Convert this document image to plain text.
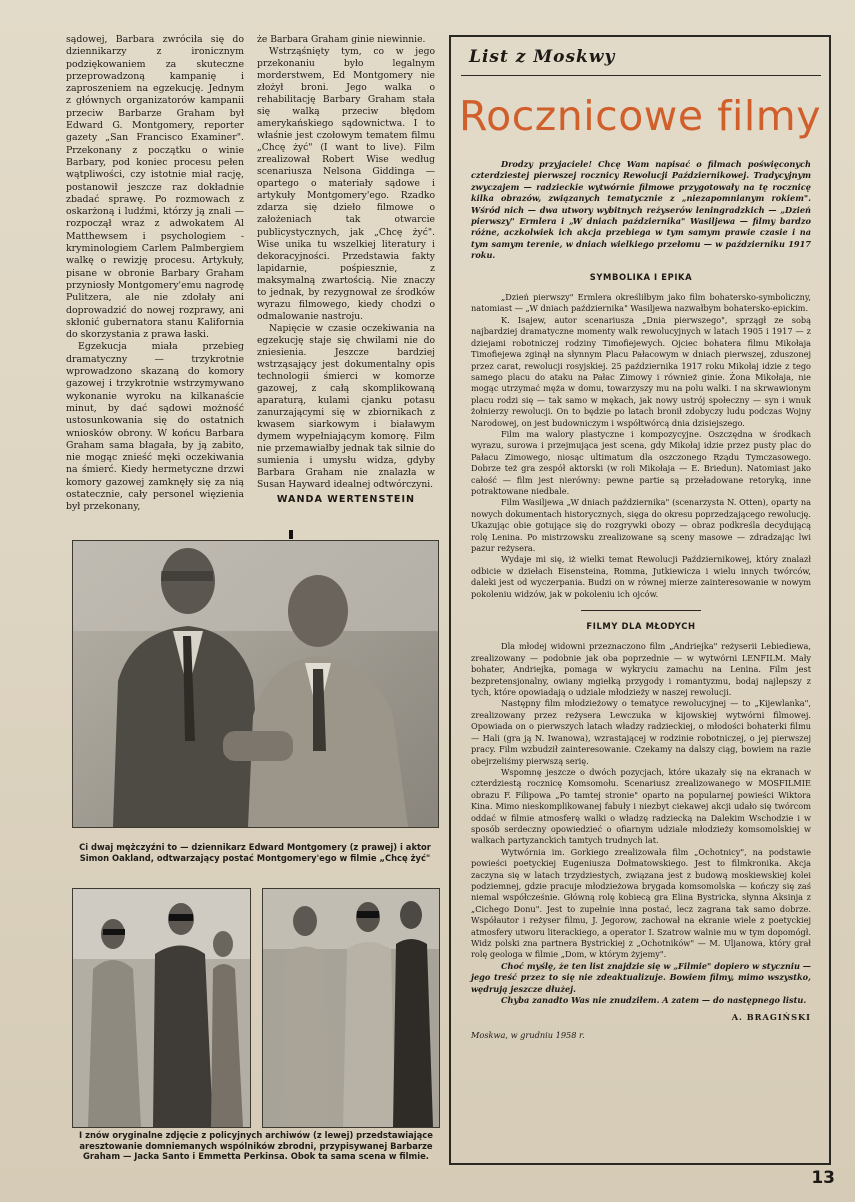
sądowej, Barbara zwróciła się do dziennikarzy z ironicznym podziękowaniem za skuteczne przeprowadzoną kampanię i zaproszeniem na egzekucję. Jednym z głównych organizatorów kampanii przeciw Barbarze Graham był Edward G. Montgomery, reporter gazety „San Francisco Examiner". Przekonany z początku o winie Barbary, pod koniec procesu pełen wątpliwości, czy istotnie miał rację, postanowił jeszcze raz dokładnie zbadać sprawę. Po rozmowach z oskarżoną i ludźmi, którzy ją znali — rozpoczął wraz z adwokatem Al Matthewsem i psychologiem - kryminologiem Carlem Palmbergiem walkę o rewizję procesu. Artykuły, pisane w obronie Barbary Graham przyniosły Montgomery'emu nagrodę Pulitzera, ale nie zdołały ani doprowadzić do nowej rozprawy, ani skłonić gubernatora stanu Kalifornia do skorzystania z prawa łaski.

Egzekucja miała przebieg dramatyczny — trzykrotnie wprowadzono skazaną do komory gazowej i trzykrotnie wstrzymywano wykonanie wyroku na kilkanaście minut, by dać sądowi możność ustosunkowania się do ostatnich wniosków obrony. W końcu Barbara Graham sama błagała, by ją zabito, nie mogąc znieść męki oczekiwania na śmierć. Kiedy hermetyczne drzwi komory gazowej zamknęły się za nią ostatecznie, cały personel więzienia był przekonany,

że Barbara Graham ginie niewinnie.

Wstrząśnięty tym, co w jego przekonaniu było legalnym morderstwem, Ed Montgomery nie złożył broni. Jego walka o rehabilitację Barbary Graham stała się walką przeciw błędom amerykańskiego sądownictwa. I to właśnie jest czołowym tematem filmu „Chcę żyć" (I want to live). Film zrealizował Robert Wise według scenariusza Nelsona Giddinga — opartego o materiały sądowe i artykuły Montgomery'ego. Rzadko zdarza się dzieło filmowe o założeniach tak otwarcie publicystycznych, jak „Chcę żyć". Wise unika tu wszelkiej literatury i dekoracyjności. Przedstawia fakty lapidarnie, pośpiesznie, z maksymalną zwartością. Nie znaczy to jednak, by rezygnował ze środków wyrazu filmowego, kiedy chodzi o odmalowanie nastroju.

Napięcie w czasie oczekiwania na egzekucję staje się chwilami nie do zniesienia. Jeszcze bardziej wstrząsający jest dokumentalny opis technologii śmierci w komorze gazowej, z całą skomplikowaną aparaturą, kulami cjanku potasu zanurzającymi się w zbiornikach z kwasem siarkowym i białawym dymem wypełniającym komorę. Film nie przemawiałby jednak tak silnie do sumienia i umysłu widza, gdyby Barbara Graham nie znalazła w Susan Hayward idealnej odtwórczyni.

WANDA WERTENSTEIN
Ci dwaj mężczyźni to — dziennikarz Edward Montgomery (z prawej) i aktor Simon Oakland, odtwarzający postać Montgomery'ego w filmie „Chcę żyć"
I znów oryginalne zdjęcie z policyjnych archiwów (z lewej) przedstawiające aresztowanie domniemanych wspólników zbrodni, przypisywanej Barbarze Graham — Jacka Santo i Emmetta Perkinsa. Obok ta sama scena w filmie.
List z Moskwy
Rocznicowe filmy

Drodzy przyjaciele! Chcę Wam napisać o filmach poświęconych czterdziestej pierwszej rocznicy Rewolucji Październikowej. Tradycyjnym zwyczajem — radzieckie wytwórnie filmowe przygotowały na tę rocznicę kilka obrazów, związanych tematycznie z „niezapomnianym rokiem". Wśród nich — dwa utwory wybitnych reżyserów leningradzkich — „Dzień pierwszy" Ermlera i „W dniach października" Wasiljewa — filmy bardzo różne, aczkolwiek ich akcja przebiega w tym samym prawie czasie i na tym samym terenie, w dniach wielkiego przełomu — w październiku 1917 roku.

SYMBOLIKA I EPIKA

„Dzień pierwszy" Ermlera określiłbym jako film bohatersko-symboliczny, natomiast — „W dniach października" Wasiljewa nazwałbym bohatersko-epickim.

K. Isajew, autor scenariusza „Dnia pierwszego", sprzągł ze sobą najbardziej dramatyczne momenty walk rewolucyjnych w latach 1905 i 1917 — z dziejami robotniczej rodziny Timofiejewych. Ojciec bohatera filmu Mikołaja Timofiejewa zginął na słynnym Placu Pałacowym w dniach pierwszej, zduszonej przez carat, rewolucji rosyjskiej. 25 października 1917 roku Mikołaj idzie z tego samego placu do ataku na Pałac Zimowy i również ginie. Żona Mikołaja, nie mogąc utrzymać męża w domu, towarzyszy mu na polu walki. I na skrwawionym placu rodzi się — tak samo w mękach, jak nowy ustrój społeczny — syn i wnuk żołnierzy rewolucji. On to będzie po latach bronił zdobyczy ludu podczas Wojny Narodowej, on jest budowniczym i współtwórcą dnia dzisiejszego.

Film ma walory plastyczne i kompozycyjne. Oszczędna w środkach wyrazu, surowa i przejmująca jest scena, gdy Mikołaj idzie przez pusty plac do Pałacu Zimowego, niosąc ultimatum dla oszczonego Rządu Tymczasowego. Dobrze też gra zespół aktorski (w roli Mikołaja — E. Briedun). Natomiast jako całość — film jest nierówny: pewne partie są przeładowane retoryką, inne potraktowane niedbale.

Film Wasiljewa „W dniach października" (scenarzysta N. Otten), oparty na nowych dokumentach historycznych, sięga do okresu poprzedzającego rewolucję. Ukazując obie gotujące się do rozgrywki obozy — obraz podkreśla decydującą rolę Lenina. Po mistrzowsku zrealizowane są sceny masowe — zdradzając lwi pazur reżysera.

Wydaje mi się, iż wielki temat Rewolucji Październikowej, który znalazł odbicie w dziełach Eisensteina, Romma, Jutkiewicza i wielu innych twórców, daleki jest od wyczerpania. Budzi on w równej mierze zainteresowanie w nowym pokoleniu widzów, jak w pokoleniu ich ojców.

FILMY DLA MŁODYCH

Dla młodej widowni przeznaczono film „Andriejka" reżyserii Lebiediewa, zrealizowany — podobnie jak oba poprzednie — w wytwórni LENFILM. Mały bohater, Andriejka, pomaga w wykryciu zamachu na Lenina. Film jest bezpretensjonalny, owiany mgiełką przygody i romantyzmu, bodaj najlepszy z tych, które opowiadają o udziale młodzieży w naszej rewolucji.

Następny film młodzieżowy o tematyce rewolucyjnej — to „Kijewlanka", zrealizowany przez reżysera Lewczuka w kijowskiej wytwórni filmowej. Opowiada on o pierwszych latach władzy radzieckiej, o młodości bohaterki filmu — Hali (gra ją N. Iwanowa), wzrastającej w rodzinie robotniczej, o jej pierwszej pracy. Film wzbudził zainteresowanie. Czekamy na dalszy ciąg, bowiem na razie obejrzeliśmy pierwszą serię.

Wspomnę jeszcze o dwóch pozycjach, które ukazały się na ekranach w czterdziestą rocznicę Komsomołu. Scenariusz zrealizowanego w MOSFILMIE obrazu F. Filipowa „Po tamtej stronie" oparto na popularnej powieści Wiktora Kina. Mimo nieskomplikowanej fabuły i niezbyt ciekawej akcji udało się twórcom oddać w filmie atmosferę walki o władzę radziecką na Dalekim Wschodzie i w sposób serdeczny opowiedzieć o ofiarnym udziale młodzieży komsomolskiej w walkach partyzanckich tamtych trudnych lat.

Wytwórnia im. Gorkiego zrealizowała film „Ochotnicy", na podstawie powieści poetyckiej Eugeniusza Dołmatowskiego. Jest to filmkronika. Akcja zaczyna się w latach trzydziestych, związana jest z budową moskiewskiej kolei podziemnej, gdzie pracuje młodzieżowa brygada komsomolska — kończy się zaś niemal współcześnie. Główną rolę kobiecą gra Elina Bystricka, słynna Aksinja z „Cichego Donu". Jest to zupełnie inna postać, lecz zagrana tak samo dobrze. Współautor i reżyser filmu, J. Jegorow, zachował na ekranie wiele z poetyckiej atmosfery utworu literackiego, a operator I. Szatrow walnie mu w tym dopomógł. Widz polski zna partnera Bystrickiej z „Ochotników" — M. Uljanowa, który grał rolę geologa w filmie „Dom, w którym żyjemy".

Choć myślę, że ten list znajdzie się w „Filmie" dopiero w styczniu — jego treść przez to się nie zdeaktualizuje. Bowiem filmy, mimo wszystko, wędrują jeszcze dłużej.

Chyba zanadto Was nie znudziłem. A zatem — do następnego listu.

A. BRAGIŃSKI
Moskwa, w grudniu 1958 r.
13
